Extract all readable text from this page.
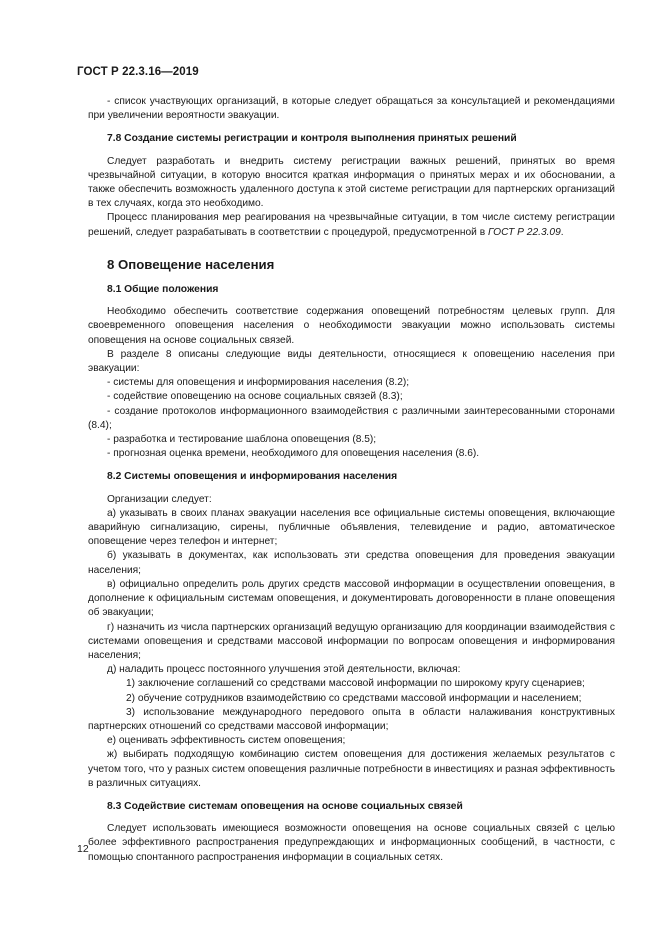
ГОСТ Р 22.3.16—2019

- список участвующих организаций, в которые следует обращаться за консультацией и рекомендациями при увеличении вероятности эвакуации.

7.8 Создание системы регистрации и контроля выполнения принятых решений

Следует разработать и внедрить систему регистрации важных решений, принятых во время чрезвычайной ситуации, в которую вносится краткая информация о принятых мерах и их обосновании, а также обеспечить возможность удаленного доступа к этой системе регистрации для партнерских организаций в тех случаях, когда это необходимо.

Процесс планирования мер реагирования на чрезвычайные ситуации, в том числе систему регистрации решений, следует разрабатывать в соответствии с процедурой, предусмотренной в ГОСТ Р 22.3.09.

8 Оповещение населения
8.1 Общие положения

Необходимо обеспечить соответствие содержания оповещений потребностям целевых групп. Для своевременного оповещения населения о необходимости эвакуации можно использовать системы оповещения на основе социальных связей.

В разделе 8 описаны следующие виды деятельности, относящиеся к оповещению населения при эвакуации:

- системы для оповещения и информирования населения (8.2);

- содействие оповещению на основе социальных связей (8.3);

- создание протоколов информационного взаимодействия с различными заинтересованными сторонами (8.4);

- разработка и тестирование шаблона оповещения (8.5);

- прогнозная оценка времени, необходимого для оповещения населения (8.6).

8.2 Системы оповещения и информирования населения

Организации следует:

а) указывать в своих планах эвакуации населения все официальные системы оповещения, включающие аварийную сигнализацию, сирены, публичные объявления, телевидение и радио, автоматическое оповещение через телефон и интернет;

б) указывать в документах, как использовать эти средства оповещения для проведения эвакуации населения;

в) официально определить роль других средств массовой информации в осуществлении оповещения, в дополнение к официальным системам оповещения, и документировать договоренности в плане оповещения об эвакуации;

г) назначить из числа партнерских организаций ведущую организацию для координации взаимодействия с системами оповещения и средствами массовой информации по вопросам оповещения и информирования населения;

д) наладить процесс постоянного улучшения этой деятельности, включая:

1) заключение соглашений со средствами массовой информации по широкому кругу сценариев;

2) обучение сотрудников взаимодействию со средствами массовой информации и населением;

3) использование международного передового опыта в области налаживания конструктивных партнерских отношений со средствами массовой информации;

е) оценивать эффективность систем оповещения;

ж) выбирать подходящую комбинацию систем оповещения для достижения желаемых результатов с учетом того, что у разных систем оповещения различные потребности в инвестициях и разная эффективность в различных ситуациях.

8.3 Содействие системам оповещения на основе социальных связей

Следует использовать имеющиеся возможности оповещения на основе социальных связей с целью более эффективного распространения предупреждающих и информационных сообщений, в частности, с помощью спонтанного распространения информации в социальных сетях.

12
